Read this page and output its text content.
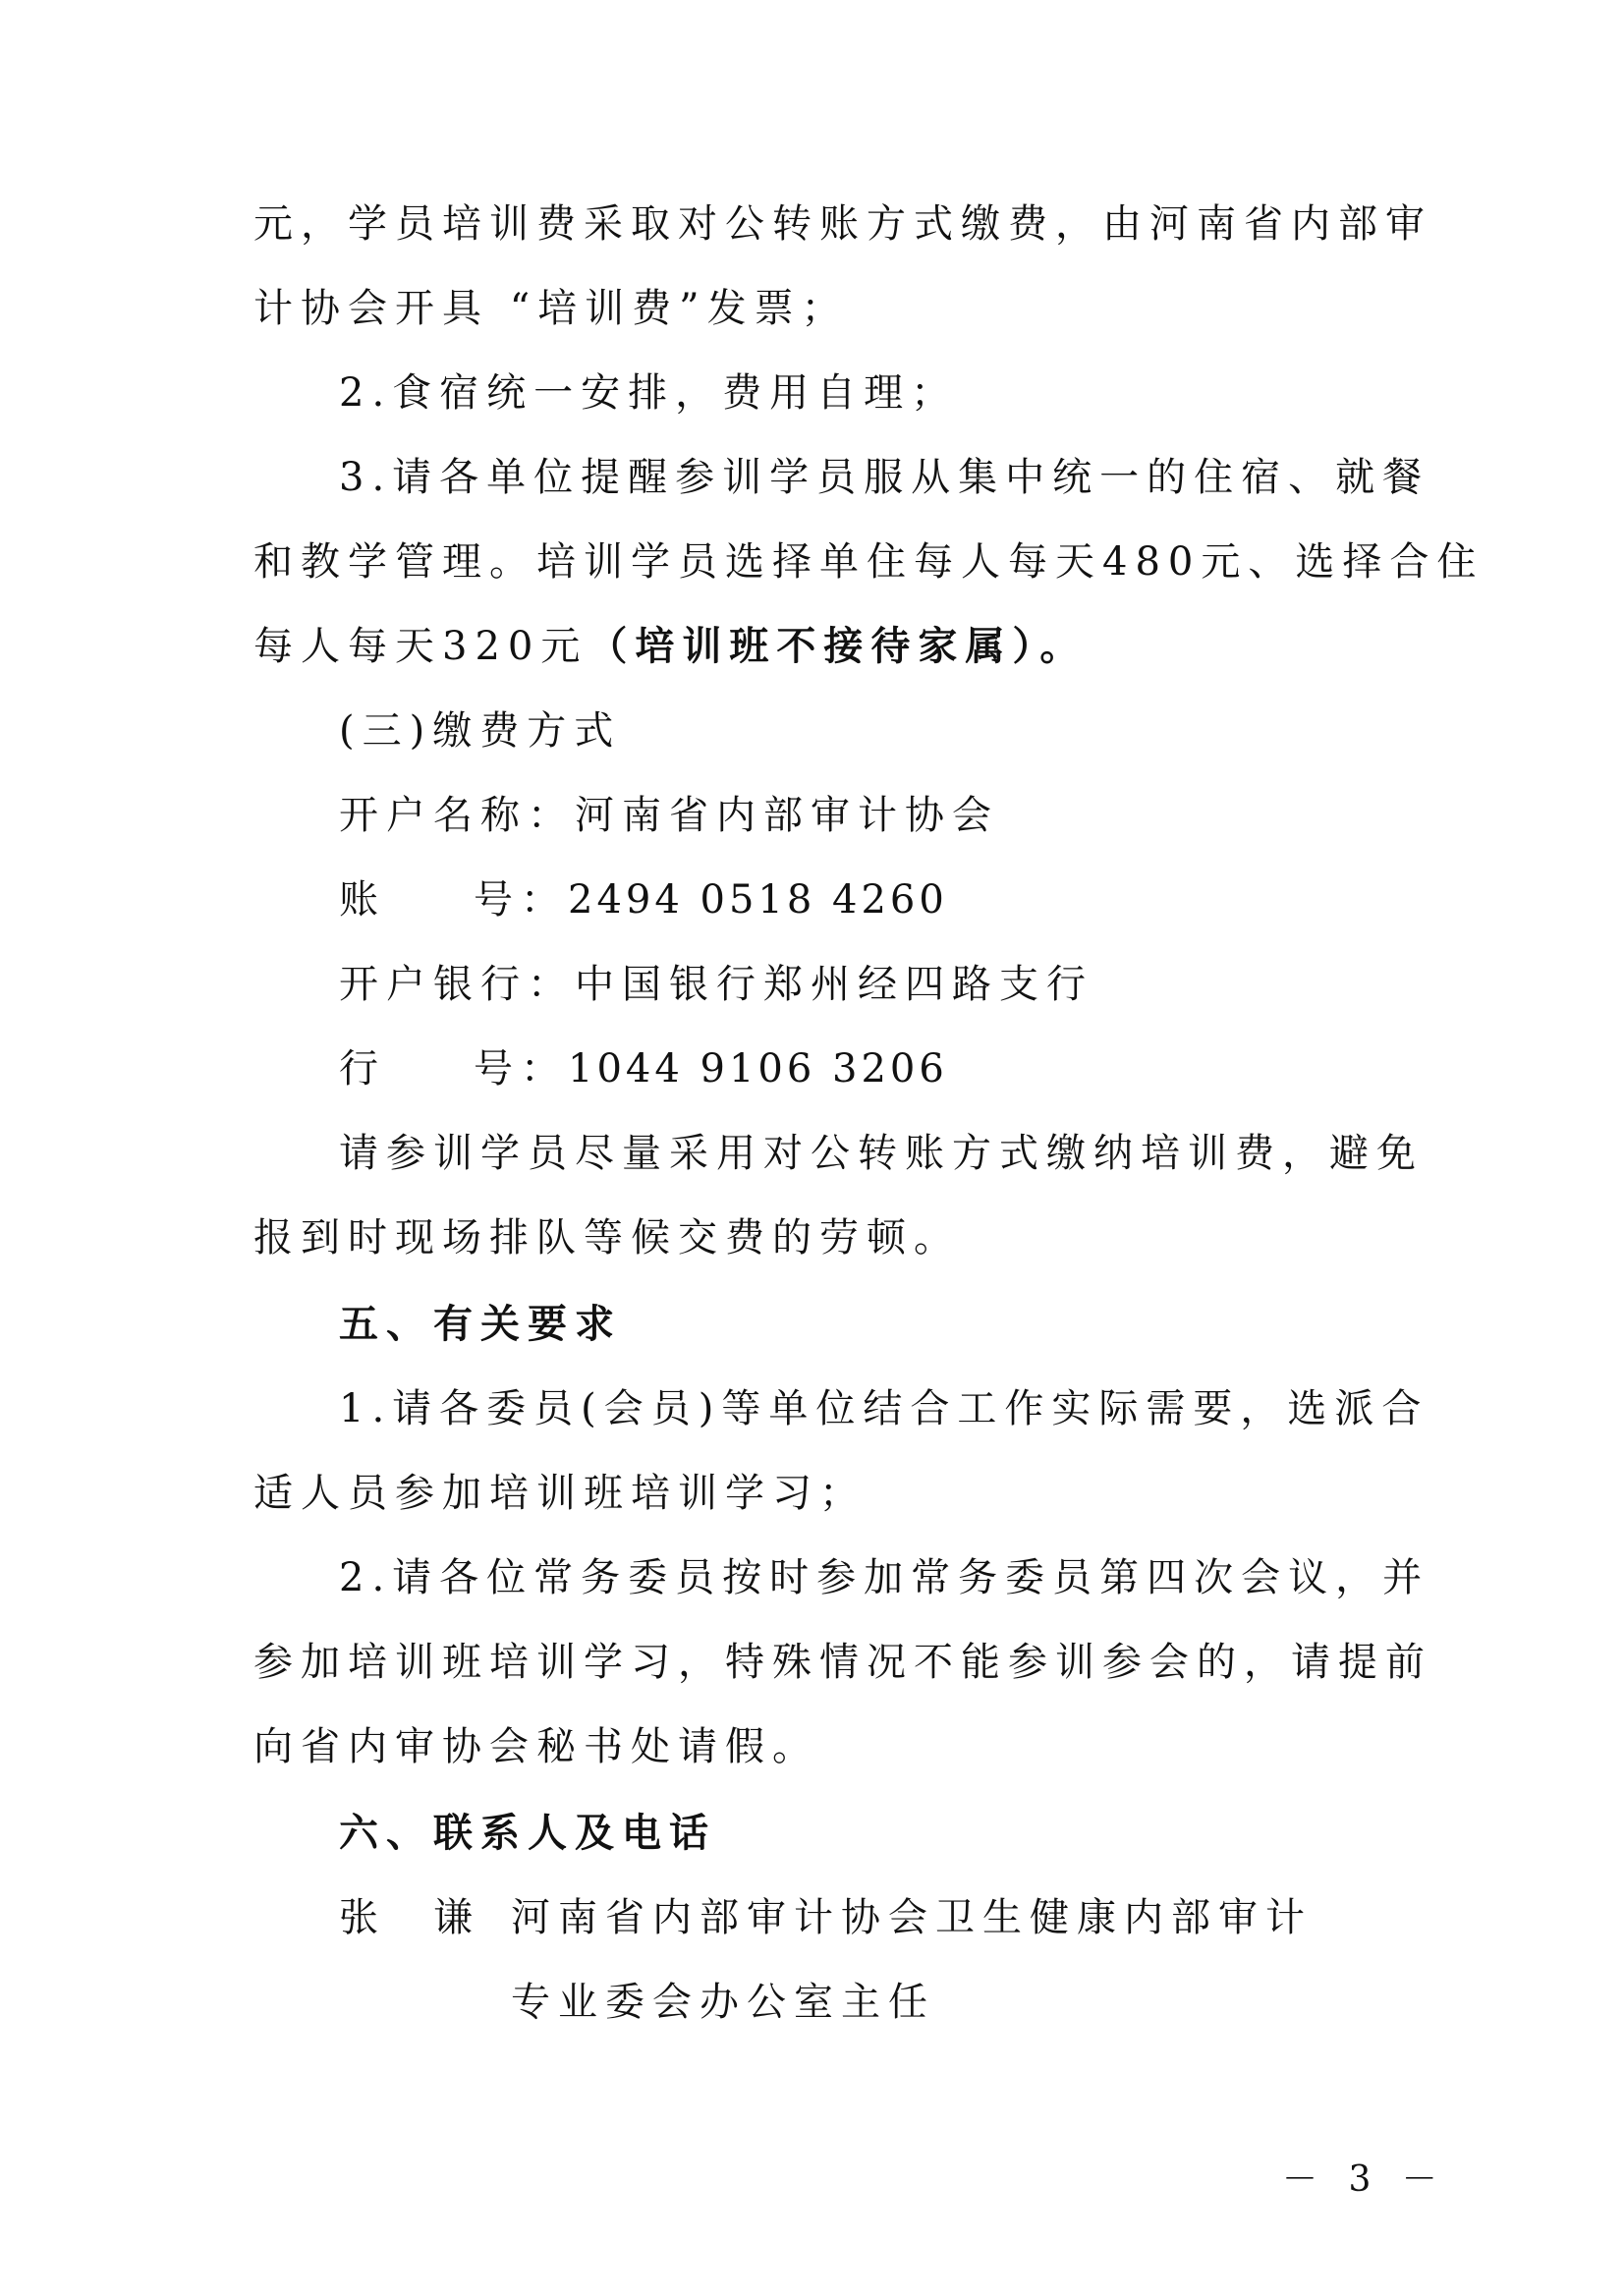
元，学员培训费采取对公转账方式缴费，由河南省内部审

计协会开具 “培训费”发票；

2.食宿统一安排，费用自理；

3.请各单位提醒参训学员服从集中统一的住宿、就餐

和教学管理。培训学员选择单住每人每天480元、选择合住

每人每天320元（培训班不接待家属）。

(三)缴费方式

开户名称：河南省内部审计协会

账 号：2494 0518 4260

开户银行：中国银行郑州经四路支行

行 号：1044 9106 3206

请参训学员尽量采用对公转账方式缴纳培训费，避免

报到时现场排队等候交费的劳顿。

五、有关要求

1.请各委员(会员)等单位结合工作实际需要，选派合

适人员参加培训班培训学习；

2.请各位常务委员按时参加常务委员第四次会议，并

参加培训班培训学习，特殊情况不能参训参会的，请提前

向省内审协会秘书处请假。

六、联系人及电话

张　谦 河南省内部审计协会卫生健康内部审计

专业委会办公室主任

－ 3 －
